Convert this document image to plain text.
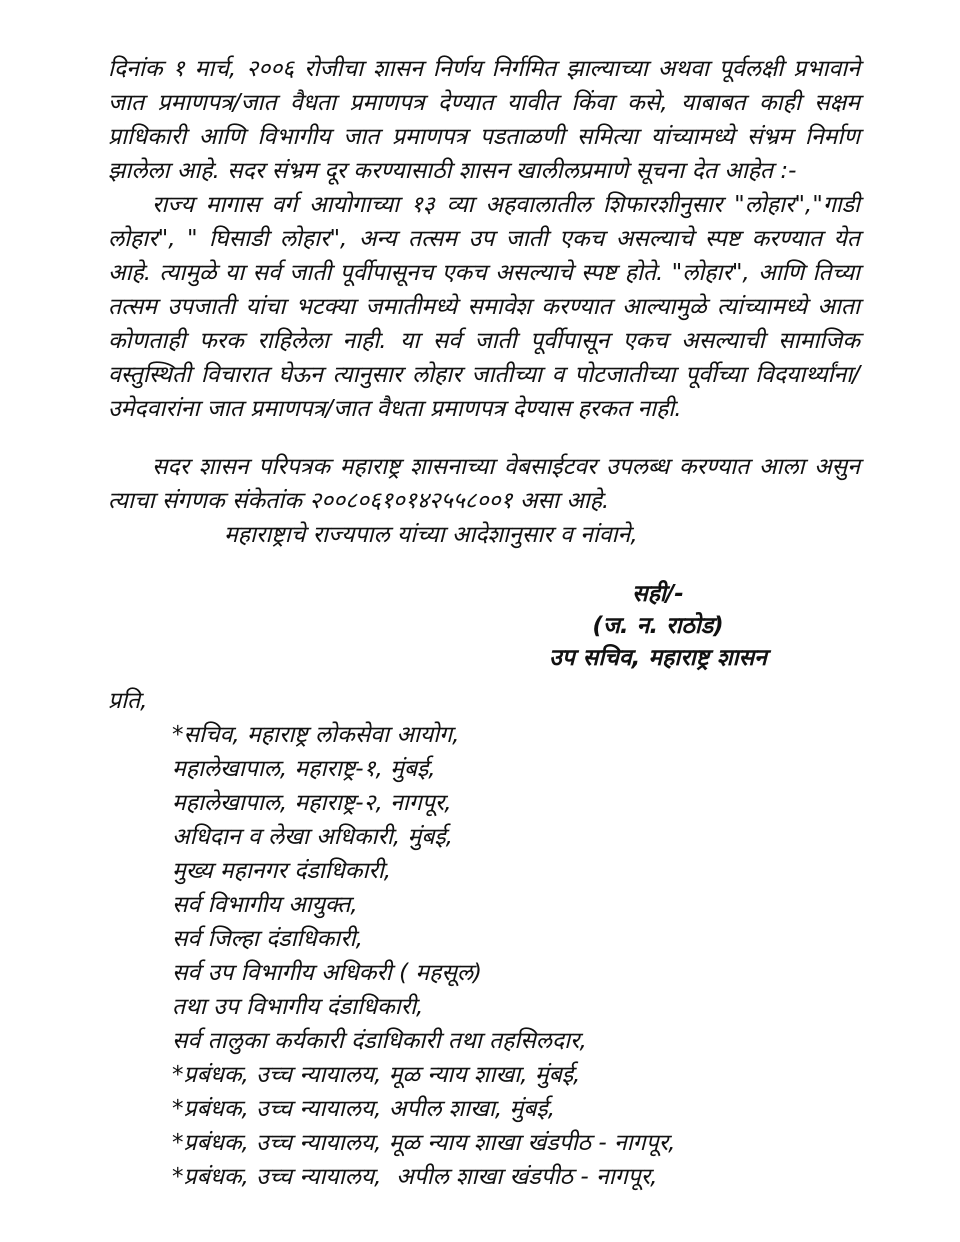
दिनांक १ मार्च, २००६ रोजीचा शासन निर्णय निर्गमित झाल्याच्या अथवा पूर्वलक्षी प्रभावाने जात प्रमाणपत्र/जात वैधता प्रमाणपत्र देण्यात यावीत किंवा कसे, याबाबत काही सक्षम प्राधिकारी आणि विभागीय जात प्रमाणपत्र पडताळणी समित्या यांच्यामध्ये संभ्रम निर्माण झालेला आहे. सदर संभ्रम दूर करण्यासाठी शासन खालीलप्रमाणे सूचना देत आहेत :-

राज्य मागास वर्ग आयोगाच्या १३ व्या अहवालातील शिफारशीनुसार "लोहार","गाडी लोहार", " घिसाडी लोहार", अन्य तत्सम उप जाती एकच असल्याचे स्पष्ट करण्यात येत आहे. त्यामुळे या सर्व जाती पूर्वीपासूनच एकच असल्याचे स्पष्ट होते. "लोहार", आणि तिच्या तत्सम उपजाती यांचा भटक्या जमातीमध्ये समावेश करण्यात आल्यामुळे त्यांच्यामध्ये आता कोणताही फरक राहिलेला नाही. या सर्व जाती पूर्वीपासून एकच असल्याची सामाजिक वस्तुस्थिती विचारात घेऊन त्यानुसार लोहार जातीच्या व पोटजातीच्या पूर्वीच्या विदयार्थ्यांना/उमेदवारांना जात प्रमाणपत्र/जात वैधता प्रमाणपत्र देण्यास हरकत नाही.

सदर शासन परिपत्रक महाराष्ट्र शासनाच्या वेबसाईटवर उपलब्ध करण्यात आला असुन त्याचा संगणक संकेतांक २००८०६१०१४२५५८००१ असा आहे.

महाराष्ट्राचे राज्यपाल यांच्या आदेशानुसार व नांवाने,

सही/-
(ज. न. राठोड)
उप सचिव, महाराष्ट्र शासन

प्रति,

*सचिव, महाराष्ट्र लोकसेवा आयोग,
महालेखापाल, महाराष्ट्र-१, मुंबई,
महालेखापाल, महाराष्ट्र-२, नागपूर,
अधिदान व लेखा अधिकारी, मुंबई,
मुख्य महानगर दंडाधिकारी,
सर्व विभागीय आयुक्त,
सर्व जिल्हा दंडाधिकारी,
सर्व उप विभागीय अधिकरी ( महसूल)
तथा उप विभागीय दंडाधिकारी,
सर्व तालुका कर्यकारी दंडाधिकारी तथा तहसिलदार,
*प्रबंधक, उच्च न्यायालय, मूळ न्याय शाखा, मुंबई,
*प्रबंधक, उच्च न्यायालय, अपील शाखा, मुंबई,
*प्रबंधक, उच्च न्यायालय, मूळ न्याय शाखा खंडपीठ - नागपूर,
*प्रबंधक, उच्च न्यायालय,  अपील शाखा खंडपीठ - नागपूर,
